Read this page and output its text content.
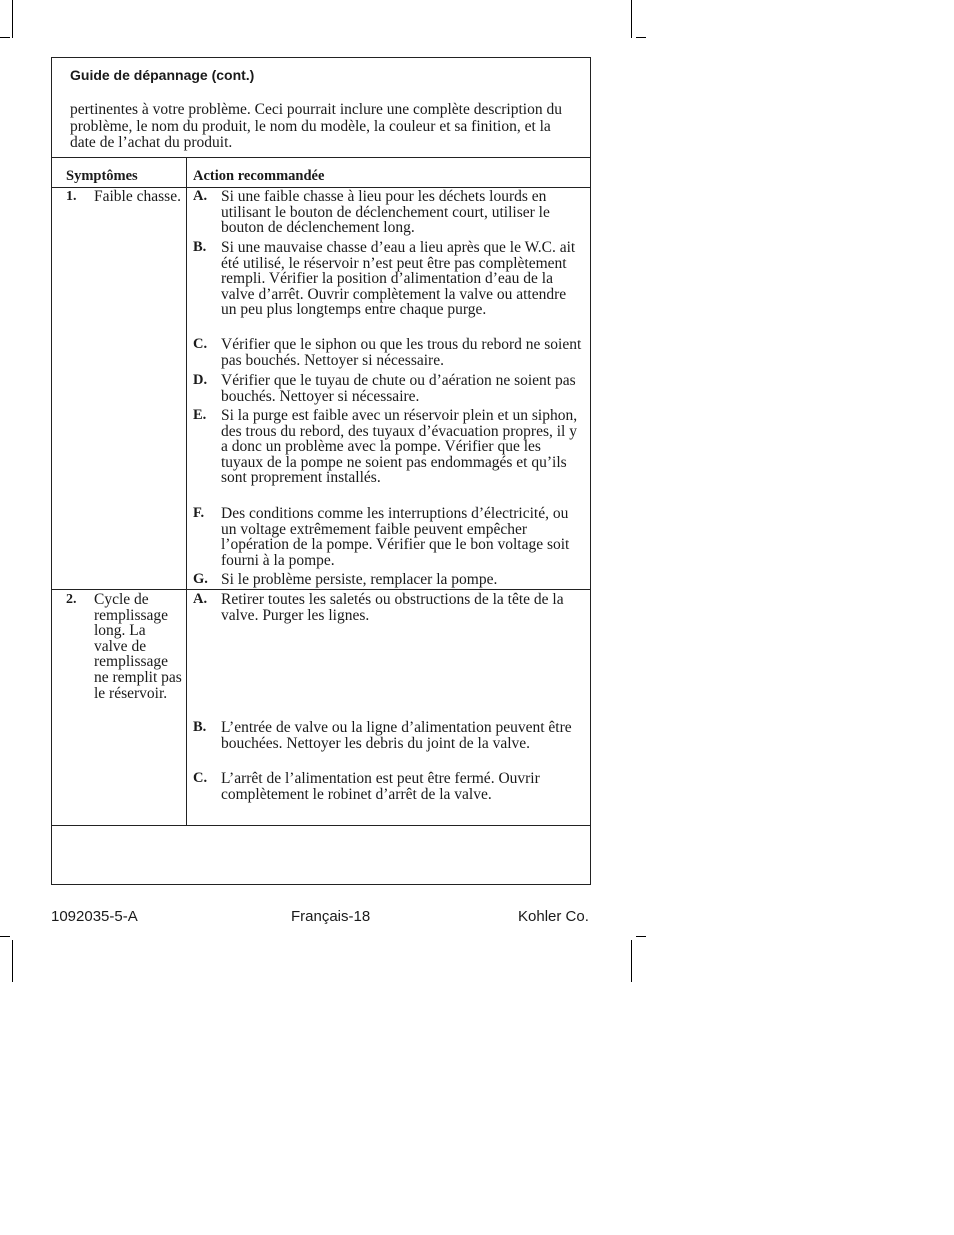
Guide de dépannage (cont.)
pertinentes à votre problème. Ceci pourrait inclure une complète description du problème, le nom du produit, le nom du modèle, la couleur et sa finition, et la date de l’achat du produit.
Symptômes	Action recommandée
1. Faible chasse. A. Si une faible chasse à lieu pour les déchets lourds en utilisant le bouton de déclenchement court, utiliser le bouton de déclenchement long.
B. Si une mauvaise chasse d’eau a lieu après que le W.C. ait été utilisé, le réservoir n’est peut être pas complètement rempli. Vérifier la position d’alimentation d’eau de la valve d’arrêt. Ouvrir complètement la valve ou attendre un peu plus longtemps entre chaque purge.
C. Vérifier que le siphon ou que les trous du rebord ne soient pas bouchés. Nettoyer si nécessaire.
D. Vérifier que le tuyau de chute ou d’aération ne soient pas bouchés. Nettoyer si nécessaire.
E. Si la purge est faible avec un réservoir plein et un siphon, des trous du rebord, des tuyaux d’évacuation propres, il y a donc un problème avec la pompe. Vérifier que les tuyaux de la pompe ne soient pas endommagés et qu’ils sont proprement installés.
F. Des conditions comme les interruptions d’électricité, ou un voltage extrêmement faible peuvent empêcher l’opération de la pompe. Vérifier que le bon voltage soit fourni à la pompe.
G. Si le problème persiste, remplacer la pompe.
2. Cycle de remplissage long. La valve de remplissage ne remplit pas le réservoir.
A. Retirer toutes les saletés ou obstructions de la tête de la valve. Purger les lignes.
B. L’entrée de valve ou la ligne d’alimentation peuvent être bouchées. Nettoyer les debris du joint de la valve.
C. L’arrêt de l’alimentation est peut être fermé. Ouvrir complètement le robinet d’arrêt de la valve.
1092035-5-A	Français-18	Kohler Co.
